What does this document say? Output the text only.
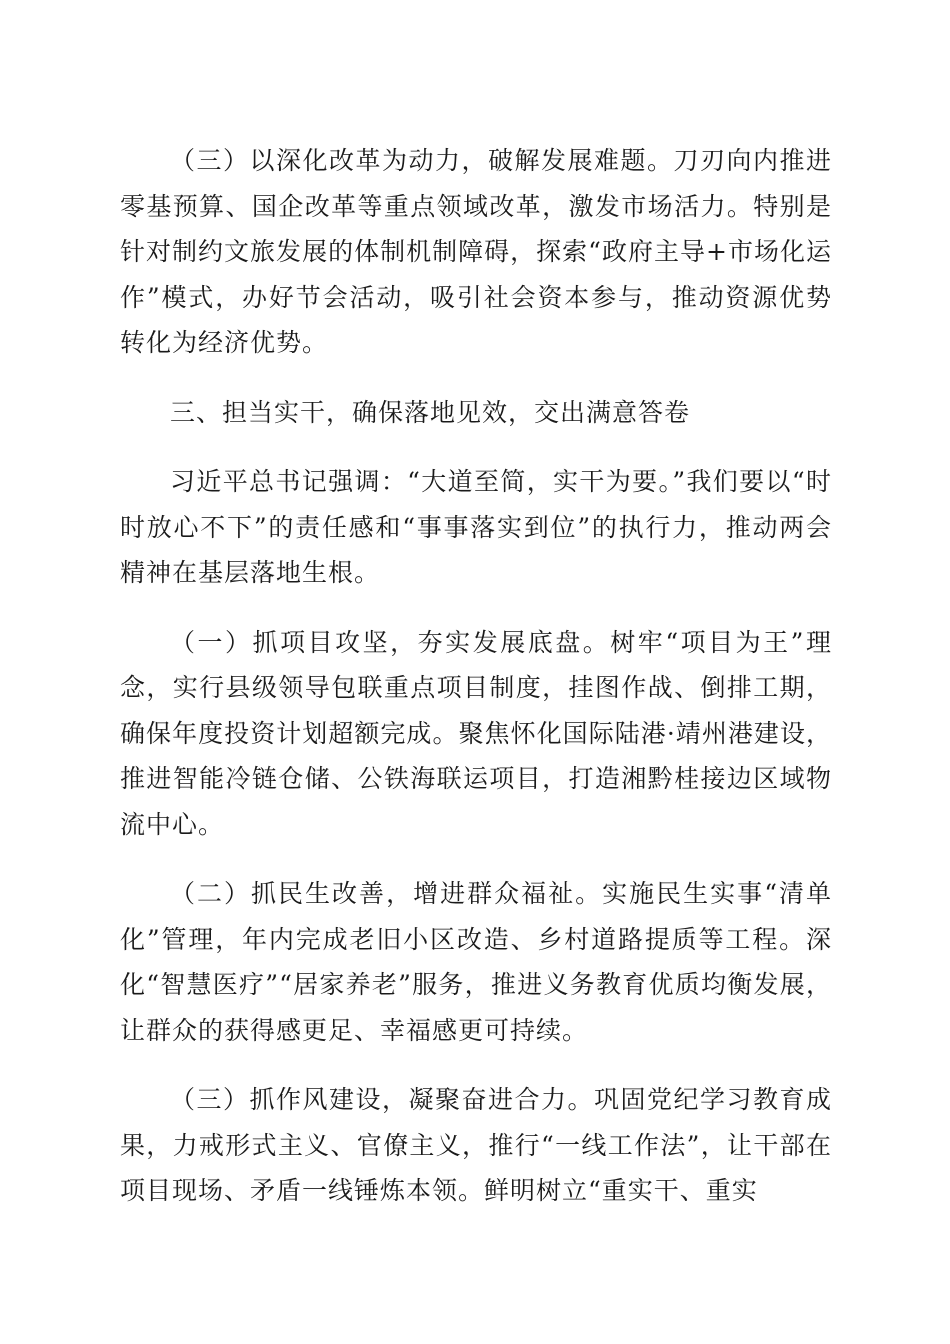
（三）以深化改革为动力，破解发展难题。刀刃向内推进零基预算、国企改革等重点领域改革，激发市场活力。特别是针对制约文旅发展的体制机制障碍，探索“政府主导+市场化运作”模式，办好节会活动，吸引社会资本参与，推动资源优势转化为经济优势。

三、担当实干，确保落地见效，交出满意答卷

习近平总书记强调：“大道至简，实干为要。”我们要以“时时放心不下”的责任感和“事事落实到位”的执行力，推动两会精神在基层落地生根。

（一）抓项目攻坚，夯实发展底盘。树牢“项目为王”理念，实行县级领导包联重点项目制度，挂图作战、倒排工期，确保年度投资计划超额完成。聚焦怀化国际陆港·靖州港建设，推进智能冷链仓储、公铁海联运项目，打造湘黔桂接边区域物流中心。

（二）抓民生改善，增进群众福祉。实施民生实事“清单化”管理，年内完成老旧小区改造、乡村道路提质等工程。深化“智慧医疗”“居家养老”服务，推进义务教育优质均衡发展，让群众的获得感更足、幸福感更可持续。

（三）抓作风建设，凝聚奋进合力。巩固党纪学习教育成果，力戒形式主义、官僚主义，推行“一线工作法”，让干部在项目现场、矛盾一线锤炼本领。鲜明树立“重实干、重实
